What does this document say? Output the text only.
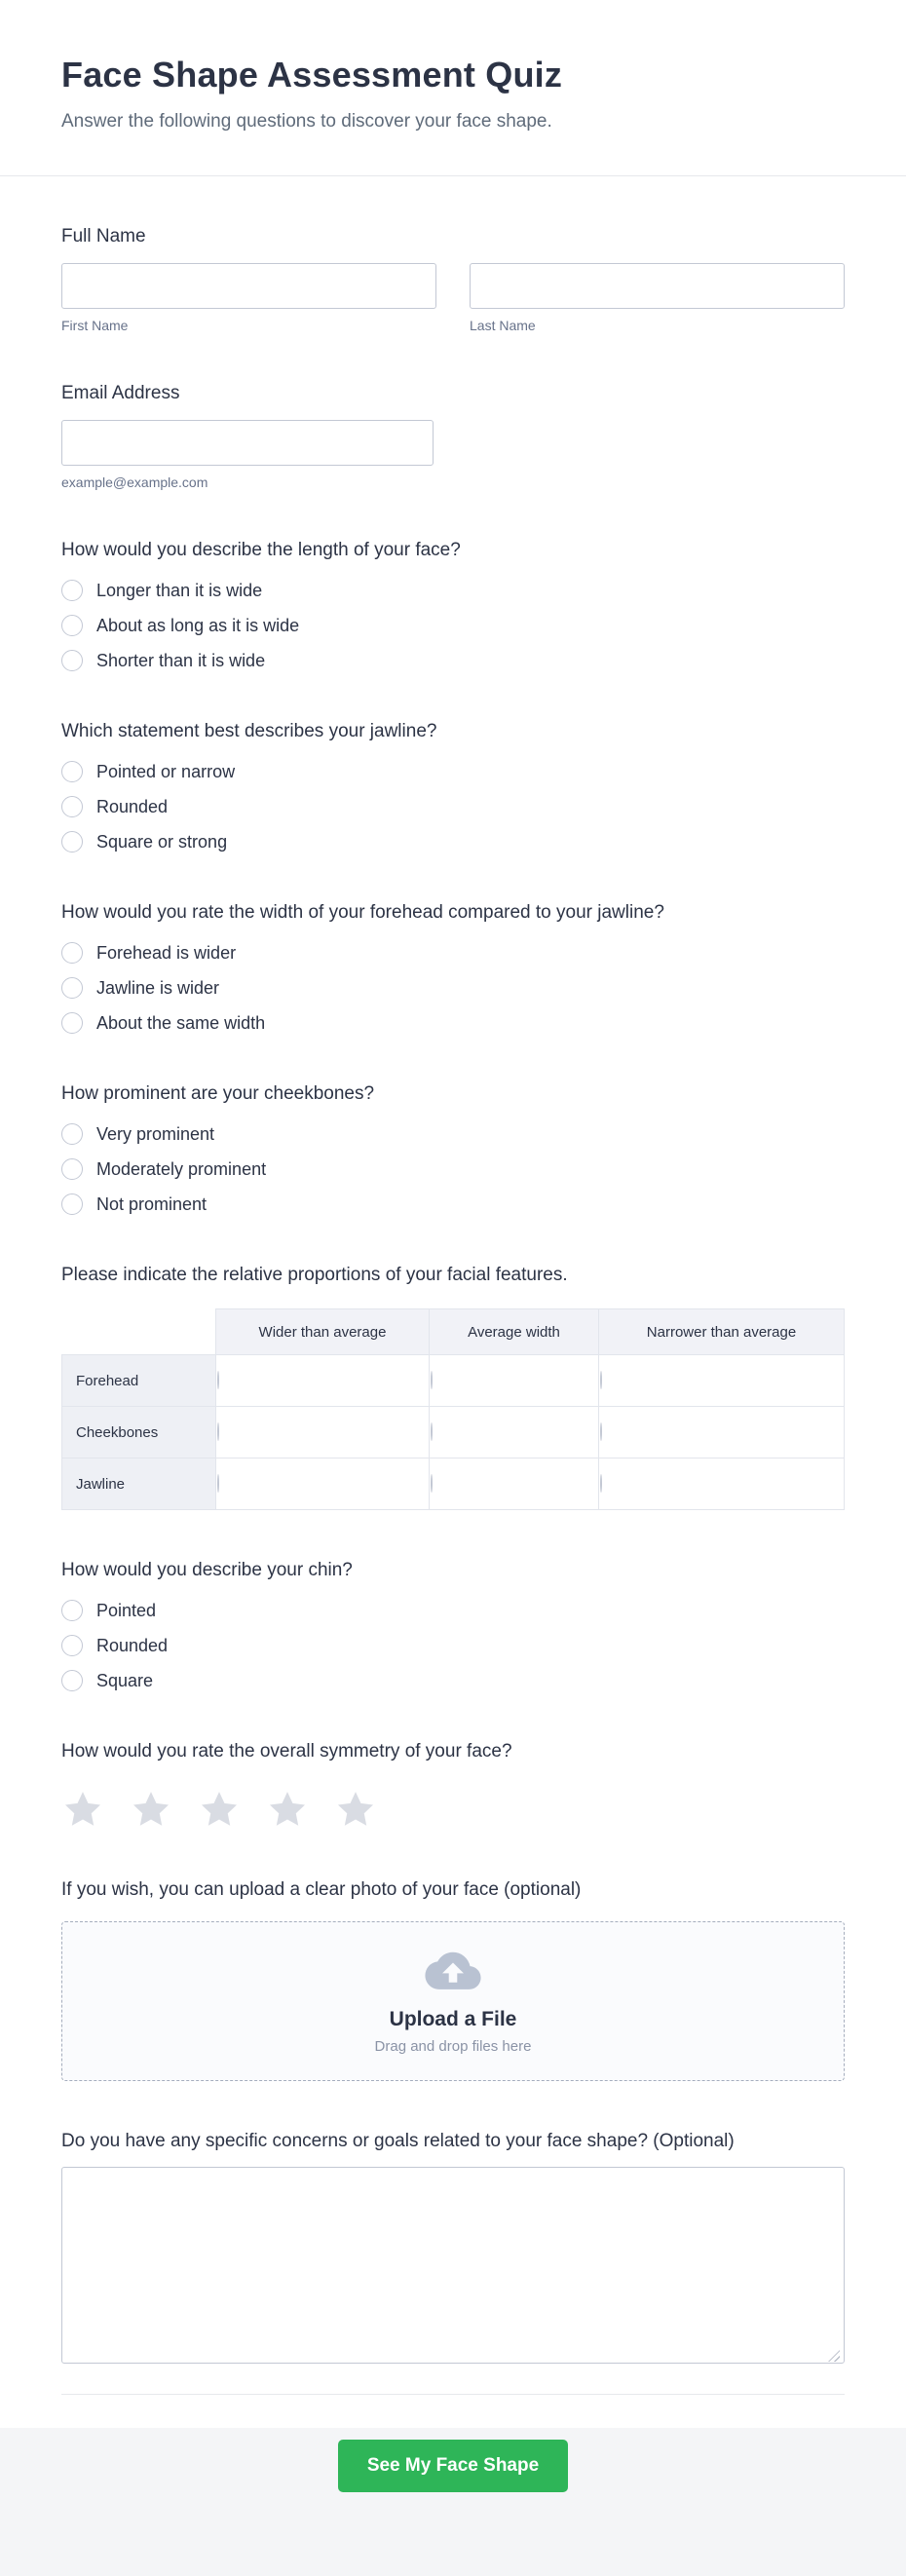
Face Shape Assessment Quiz
Answer the following questions to discover your face shape.
Full Name
First Name	Last Name
Email Address
example@example.com
How would you describe the length of your face?
Longer than it is wide
About as long as it is wide
Shorter than it is wide
Which statement best describes your jawline?
Pointed or narrow
Rounded
Square or strong
How would you rate the width of your forehead compared to your jawline?
Forehead is wider
Jawline is wider
About the same width
How prominent are your cheekbones?
Very prominent
Moderately prominent
Not prominent
Please indicate the relative proportions of your facial features.
	Wider than average	Average width	Narrower than average
Forehead			
Cheekbones			
Jawline			
How would you describe your chin?
Pointed
Rounded
Square
How would you rate the overall symmetry of your face?
If you wish, you can upload a clear photo of your face (optional)
Upload a File
Drag and drop files here
Do you have any specific concerns or goals related to your face shape? (Optional)
See My Face Shape
